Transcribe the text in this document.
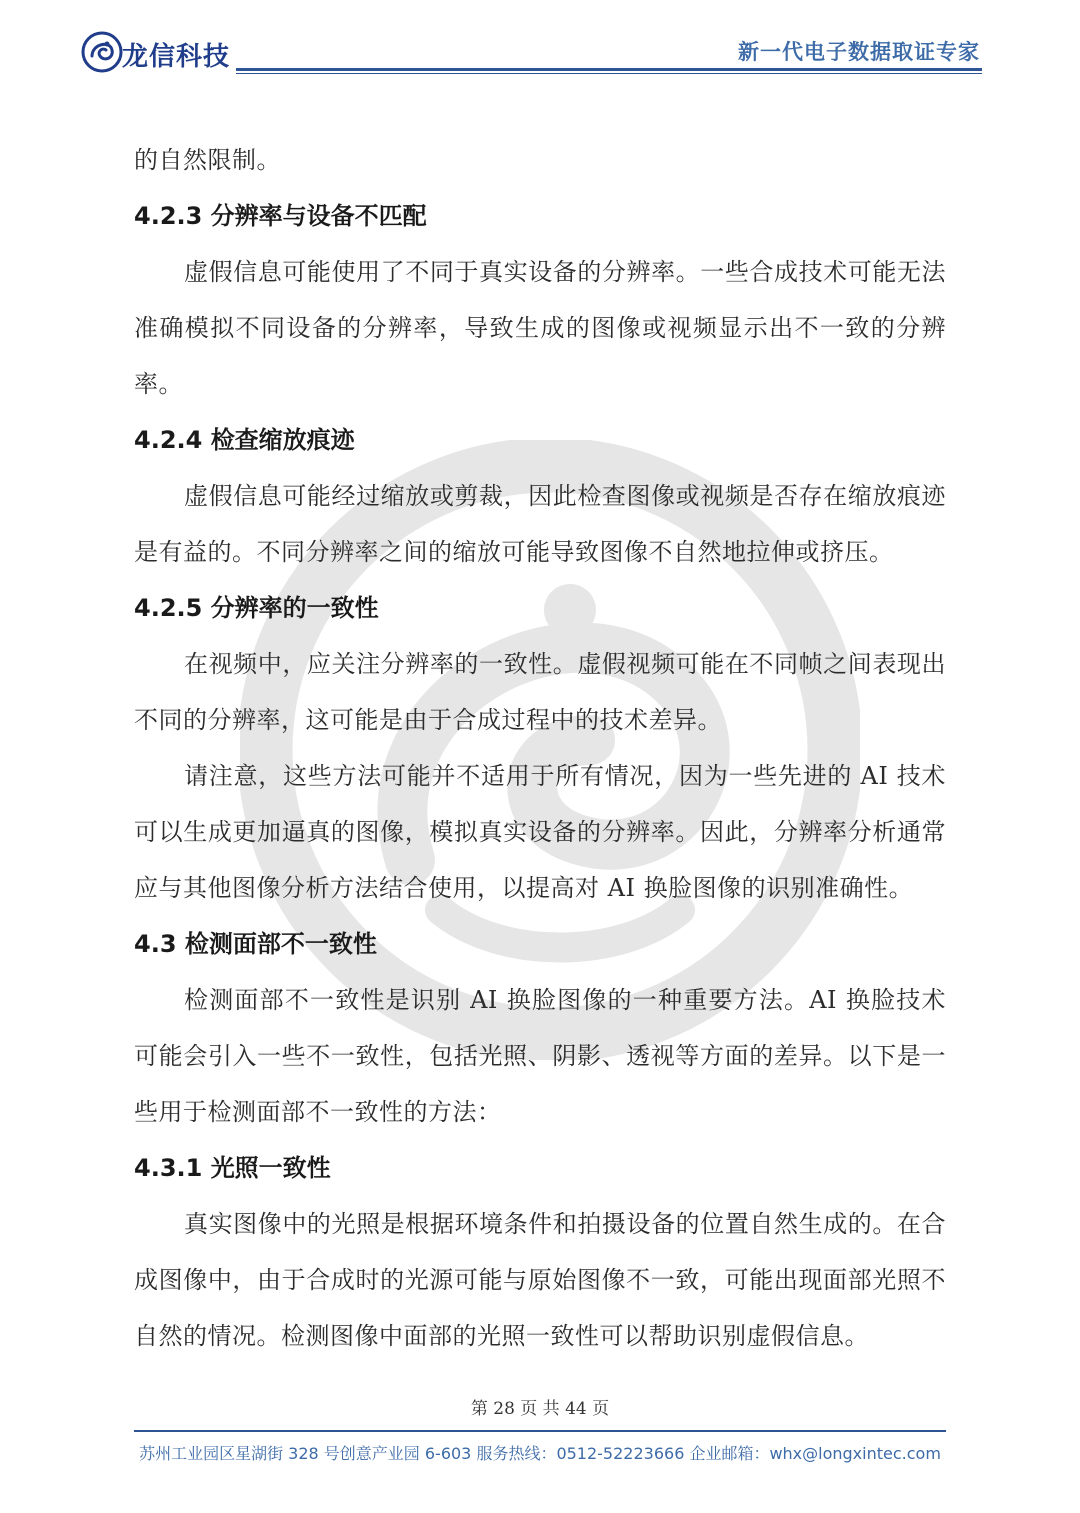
龙信科技	新一代电子数据取证专家

的自然限制。

4.2.3 分辨率与设备不匹配

虚假信息可能使用了不同于真实设备的分辨率。一些合成技术可能无法准确模拟不同设备的分辨率，导致生成的图像或视频显示出不一致的分辨率。

4.2.4 检查缩放痕迹

虚假信息可能经过缩放或剪裁，因此检查图像或视频是否存在缩放痕迹是有益的。不同分辨率之间的缩放可能导致图像不自然地拉伸或挤压。

4.2.5 分辨率的一致性

在视频中，应关注分辨率的一致性。虚假视频可能在不同帧之间表现出不同的分辨率，这可能是由于合成过程中的技术差异。

请注意，这些方法可能并不适用于所有情况，因为一些先进的 AI 技术可以生成更加逼真的图像，模拟真实设备的分辨率。因此，分辨率分析通常应与其他图像分析方法结合使用，以提高对 AI 换脸图像的识别准确性。

4.3 检测面部不一致性

检测面部不一致性是识别 AI 换脸图像的一种重要方法。AI 换脸技术可能会引入一些不一致性，包括光照、阴影、透视等方面的差异。以下是一些用于检测面部不一致性的方法：

4.3.1 光照一致性

真实图像中的光照是根据环境条件和拍摄设备的位置自然生成的。在合成图像中，由于合成时的光源可能与原始图像不一致，可能出现面部光照不自然的情况。检测图像中面部的光照一致性可以帮助识别虚假信息。

第 28 页 共 44 页
苏州工业园区星湖街 328 号创意产业园 6-603 服务热线：0512-52223666 企业邮箱：whx@longxintec.com
